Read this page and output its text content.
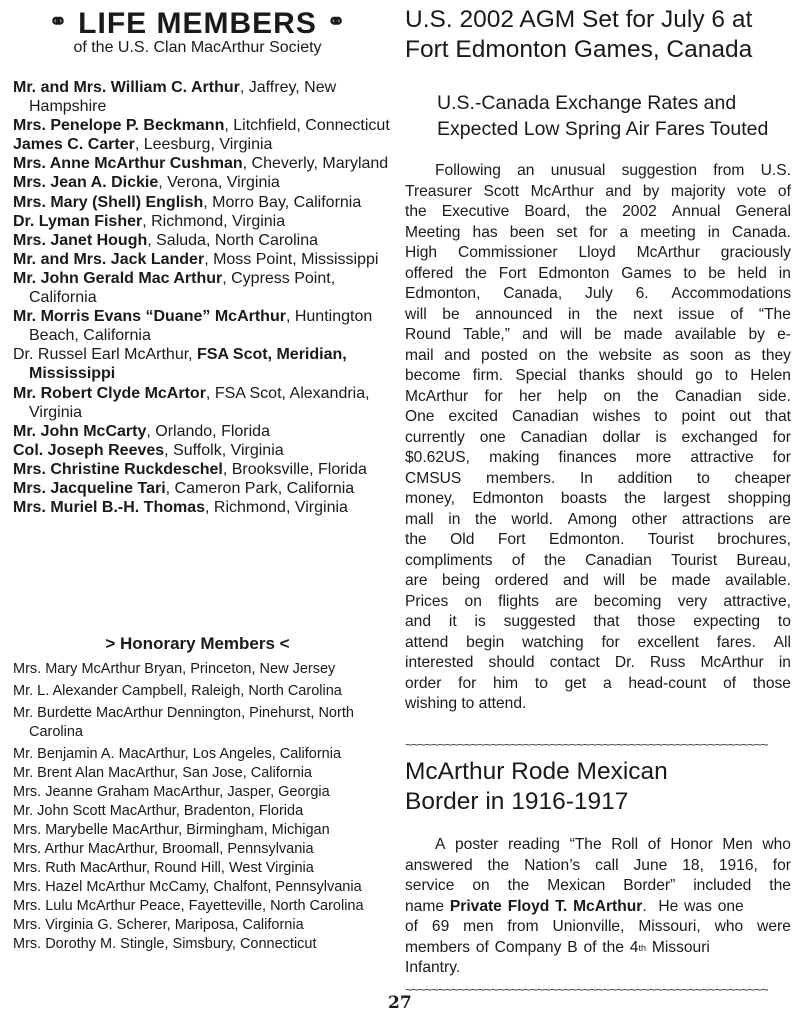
⚭ LIFE MEMBERS ⚭
of the U.S. Clan MacArthur Society
Mr. and Mrs. William C. Arthur, Jaffrey, New Hampshire
Mrs. Penelope P. Beckmann, Litchfield, Connecticut
James C. Carter, Leesburg, Virginia
Mrs. Anne McArthur Cushman, Cheverly, Maryland
Mrs. Jean A. Dickie, Verona, Virginia
Mrs. Mary (Shell) English, Morro Bay, California
Dr. Lyman Fisher, Richmond, Virginia
Mrs. Janet Hough, Saluda, North Carolina
Mr. and Mrs. Jack Lander, Moss Point, Mississippi
Mr. John Gerald Mac Arthur, Cypress Point, California
Mr. Morris Evans “Duane” McArthur, Huntington Beach, California
Dr. Russel Earl McArthur, FSA Scot, Meridian, Mississippi
Mr. Robert Clyde McArtor, FSA Scot, Alexandria, Virginia
Mr. John McCarty, Orlando, Florida
Col. Joseph Reeves, Suffolk, Virginia
Mrs. Christine Ruckdeschel, Brooksville, Florida
Mrs. Jacqueline Tari, Cameron Park, California
Mrs. Muriel B.-H. Thomas, Richmond, Virginia
> Honorary Members <
Mrs. Mary McArthur Bryan, Princeton, New Jersey
Mr. L. Alexander Campbell, Raleigh, North Carolina
Mr. Burdette MacArthur Dennington, Pinehurst, North Carolina
Mr. Benjamin A. MacArthur, Los Angeles, California
Mr. Brent Alan MacArthur, San Jose, California
Mrs. Jeanne Graham MacArthur, Jasper, Georgia
Mr. John Scott MacArthur, Bradenton, Florida
Mrs. Marybelle MacArthur, Birmingham, Michigan
Mrs. Arthur MacArthur, Broomall, Pennsylvania
Mrs. Ruth MacArthur, Round Hill, West Virginia
Mrs. Hazel McArthur McCamy, Chalfont, Pennsylvania
Mrs. Lulu McArthur Peace, Fayetteville, North Carolina
Mrs. Virginia G. Scherer, Mariposa, California
Mrs. Dorothy M. Stingle, Simsbury, Connecticut
U.S. 2002 AGM Set for July 6 at
Fort Edmonton Games, Canada
U.S.-Canada Exchange Rates and
Expected Low Spring Air Fares Touted
Following an unusual suggestion from U.S.
Treasurer Scott McArthur and by majority vote of
the Executive Board, the 2002 Annual General
Meeting has been set for a meeting in Canada.
High Commissioner Lloyd McArthur graciously
offered the Fort Edmonton Games to be held in
Edmonton, Canada, July 6. Accommodations
will be announced in the next issue of “The
Round Table,” and will be made available by e-
mail and posted on the website as soon as they
become firm. Special thanks should go to Helen
McArthur for her help on the Canadian side.
One excited Canadian wishes to point out that
currently one Canadian dollar is exchanged for
$0.62US, making finances more attractive for
CMSUS members. In addition to cheaper
money, Edmonton boasts the largest shopping
mall in the world. Among other attractions are
the Old Fort Edmonton. Tourist brochures,
compliments of the Canadian Tourist Bureau,
are being ordered and will be made available.
Prices on flights are becoming very attractive,
and it is suggested that those expecting to
attend begin watching for excellent fares. All
interested should contact Dr. Russ McArthur in
order for him to get a head-count of those
wishing to attend.
~~~~~~~~~~~~~~~~~~~~~~~~~~~~~~~~~~~~~~~~~~~~~~~~~~~~~~~
McArthur Rode Mexican
Border in 1916-1917
A poster reading “The Roll of Honor Men who
answered the Nation’s call June 18, 1916, for
service on the Mexican Border” included the
name Private Floyd T. McArthur .  He was one
of 69 men from Unionville, Missouri, who were
members of Company B of the 4 th Missouri
Infantry.
~~~~~~~~~~~~~~~~~~~~~~~~~~~~~~~~~~~~~~~~~~~~~~~~~~~~~~~
27
